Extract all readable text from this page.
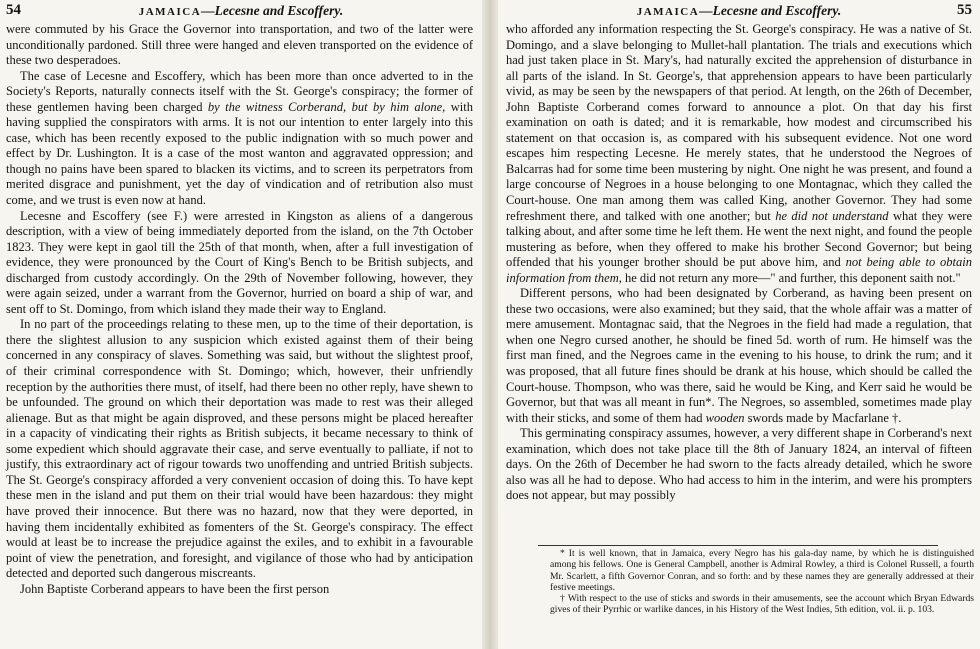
54	JAMAICA—Lecesne and Escoffery.

were commuted by his Grace the Governor into transportation, and two of the latter were unconditionally pardoned. Still three were hanged and eleven transported on the evidence of these two desperadoes.

The case of Lecesne and Escoffery, which has been more than once adverted to in the Society's Reports, naturally connects itself with the St. George's conspiracy; the former of these gentlemen having been charged by the witness Corberand, but by him alone, with having supplied the conspirators with arms. It is not our intention to enter largely into this case, which has been recently exposed to the public indignation with so much power and effect by Dr. Lushington. It is a case of the most wanton and aggravated oppression; and though no pains have been spared to blacken its victims, and to screen its perpetrators from merited disgrace and punishment, yet the day of vindication and of retribution also must come, and we trust is even now at hand.

Lecesne and Escoffery (see F.) were arrested in Kingston as aliens of a dangerous description, with a view of being immediately deported from the island, on the 7th October 1823. They were kept in gaol till the 25th of that month, when, after a full investigation of evidence, they were pronounced by the Court of King's Bench to be British subjects, and discharged from custody accordingly. On the 29th of November following, however, they were again seized, under a warrant from the Governor, hurried on board a ship of war, and sent off to St. Domingo, from which island they made their way to England.

In no part of the proceedings relating to these men, up to the time of their deportation, is there the slightest allusion to any suspicion which existed against them of their being concerned in any conspiracy of slaves. Something was said, but without the slightest proof, of their criminal correspondence with St. Domingo; which, however, their unfriendly reception by the authorities there must, of itself, had there been no other reply, have shewn to be unfounded. The ground on which their deportation was made to rest was their alleged alienage. But as that might be again disproved, and these persons might be placed hereafter in a capacity of vindicating their rights as British subjects, it became necessary to think of some expedient which should aggravate their case, and serve eventually to palliate, if not to justify, this extraordinary act of rigour towards two unoffending and untried British subjects. The St. George's conspiracy afforded a very convenient occasion of doing this. To have kept these men in the island and put them on their trial would have been hazardous: they might have proved their innocence. But there was no hazard, now that they were deported, in having them incidentally exhibited as fomenters of the St. George's conspiracy. The effect would at least be to increase the prejudice against the exiles, and to exhibit in a favourable point of view the penetration, and foresight, and vigilance of those who had by anticipation detected and deported such dangerous miscreants.

John Baptiste Corberand appears to have been the first person

JAMAICA—Lecesne and Escoffery.	55

who afforded any information respecting the St. George's conspiracy. He was a native of St. Domingo, and a slave belonging to Mullet-hall plantation. The trials and executions which had just taken place in St. Mary's, had naturally excited the apprehension of disturbance in all parts of the island. In St. George's, that apprehension appears to have been particularly vivid, as may be seen by the newspapers of that period. At length, on the 26th of December, John Baptiste Corberand comes forward to announce a plot. On that day his first examination on oath is dated; and it is remarkable, how modest and circumscribed his statement on that occasion is, as compared with his subsequent evidence. Not one word escapes him respecting Lecesne. He merely states, that he understood the Negroes of Balcarras had for some time been mustering by night. One night he was present, and found a large concourse of Negroes in a house belonging to one Montagnac, which they called the Court-house. One man among them was called King, another Governor. They had some refreshment there, and talked with one another; but he did not understand what they were talking about, and after some time he left them. He went the next night, and found the people mustering as before, when they offered to make his brother Second Governor; but being offended that his younger brother should be put above him, and not being able to obtain information from them, he did not return any more—" and further, this deponent saith not."

Different persons, who had been designated by Corberand, as having been present on these two occasions, were also examined; but they said, that the whole affair was a matter of mere amusement. Montagnac said, that the Negroes in the field had made a regulation, that when one Negro cursed another, he should be fined 5d. worth of rum. He himself was the first man fined, and the Negroes came in the evening to his house, to drink the rum; and it was proposed, that all future fines should be drank at his house, which should be called the Court-house. Thompson, who was there, said he would be King, and Kerr said he would be Governor, but that was all meant in fun*. The Negroes, so assembled, sometimes made play with their sticks, and some of them had wooden swords made by Macfarlane †.

This germinating conspiracy assumes, however, a very different shape in Corberand's next examination, which does not take place till the 8th of January 1824, an interval of fifteen days. On the 26th of December he had sworn to the facts already detailed, which he swore also was all he had to depose. Who had access to him in the interim, and were his prompters does not appear, but may possibly

* It is well known, that in Jamaica, every Negro has his gala-day name, by which he is distinguished among his fellows. One is General Campbell, another is Admiral Rowley, a third is Colonel Russell, a fourth Mr. Scarlett, a fifth Governor Conran, and so forth: and by these names they are generally addressed at their festive meetings.

† With respect to the use of sticks and swords in their amusements, see the account which Bryan Edwards gives of their Pyrrhic or warlike dances, in his History of the West Indies, 5th edition, vol. ii. p. 103.
